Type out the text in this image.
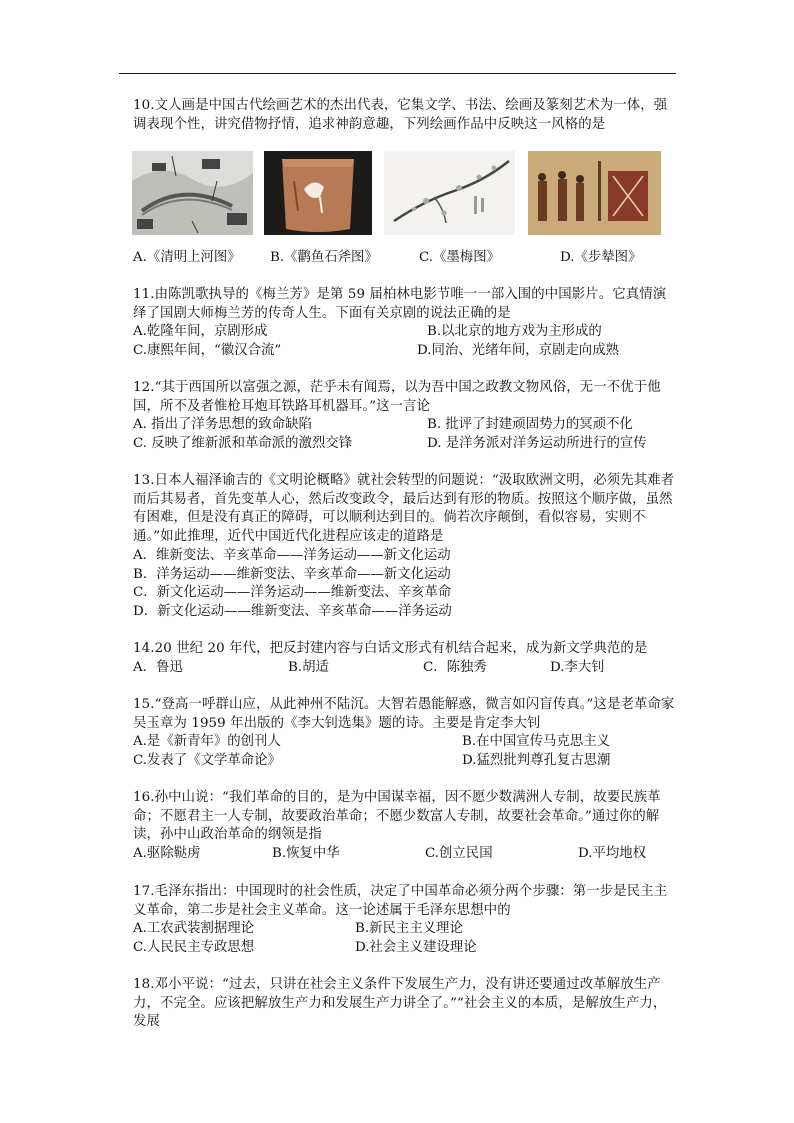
10.文人画是中国古代绘画艺术的杰出代表，它集文学、书法、绘画及篆刻艺术为一体，强调表现个性，讲究借物抒情，追求神韵意趣，下列绘画作品中反映这一风格的是

A.《清明上河图》 B.《鹳鱼石斧图》	C.《墨梅图》	D.《步辇图》

11.由陈凯歌执导的《梅兰芳》是第 59 届柏林电影节唯一一部入围的中国影片。它真情演绎了国剧大师梅兰芳的传奇人生。下面有关京剧的说法正确的是

A.乾隆年间，京剧形成	B.以北京的地方戏为主形成的
C.康熙年间，“徽汉合流”	D.同治、光绪年间，京剧走向成熟

12.“其于西国所以富强之源，茫乎未有闻焉，以为吾中国之政教文物风俗，无一不优于他国，所不及者惟枪耳炮耳铁路耳机器耳。”这一言论

A. 指出了洋务思想的致命缺陷	B. 批评了封建顽固势力的冥顽不化
C. 反映了维新派和革命派的激烈交锋	D. 是洋务派对洋务运动所进行的宣传

13.日本人福泽谕吉的《文明论概略》就社会转型的问题说：“汲取欧洲文明，必须先其难者而后其易者，首先变革人心，然后改变政令，最后达到有形的物质。按照这个顺序做，虽然有困难，但是没有真正的障碍，可以顺利达到目的。倘若次序颠倒，看似容易，实则不通。”如此推理，近代中国近代化进程应该走的道路是

A．维新变法、辛亥革命——洋务运动——新文化运动
B．洋务运动——维新变法、辛亥革命——新文化运动
C．新文化运动——洋务运动——维新变法、辛亥革命
D．新文化运动——维新变法、辛亥革命——洋务运动

14.20 世纪 20 年代，把反封建内容与白话文形式有机结合起来，成为新文学典范的是

A．鲁迅	B.胡适	C．陈独秀	D.李大钊

15.“登高一呼群山应，从此神州不陆沉。大智若愚能解惑，微言如闪盲传真。”这是老革命家吴玉章为 1959 年出版的《李大钊选集》题的诗。主要是肯定李大钊

A.是《新青年》的创刊人	B.在中国宣传马克思主义
C.发表了《文学革命论》	D.猛烈批判尊孔复古思潮

16.孙中山说：“我们革命的目的，是为中国谋幸福，因不愿少数满洲人专制，故要民族革命；不愿君主一人专制，故要政治革命；不愿少数富人专制，故要社会革命。”通过你的解读，孙中山政治革命的纲领是指

A.驱除鞑虏	B.恢复中华	C.创立民国	D.平均地权

17.毛泽东指出：中国现时的社会性质，决定了中国革命必须分两个步骤：第一步是民主主义革命，第二步是社会主义革命。这一论述属于毛泽东思想中的

A.工农武装割据理论	B.新民主主义理论
C.人民民主专政思想	D.社会主义建设理论

18.邓小平说：“过去，只讲在社会主义条件下发展生产力，没有讲还要通过改革解放生产力，不完全。应该把解放生产力和发展生产力讲全了。”“社会主义的本质，是解放生产力，发展
